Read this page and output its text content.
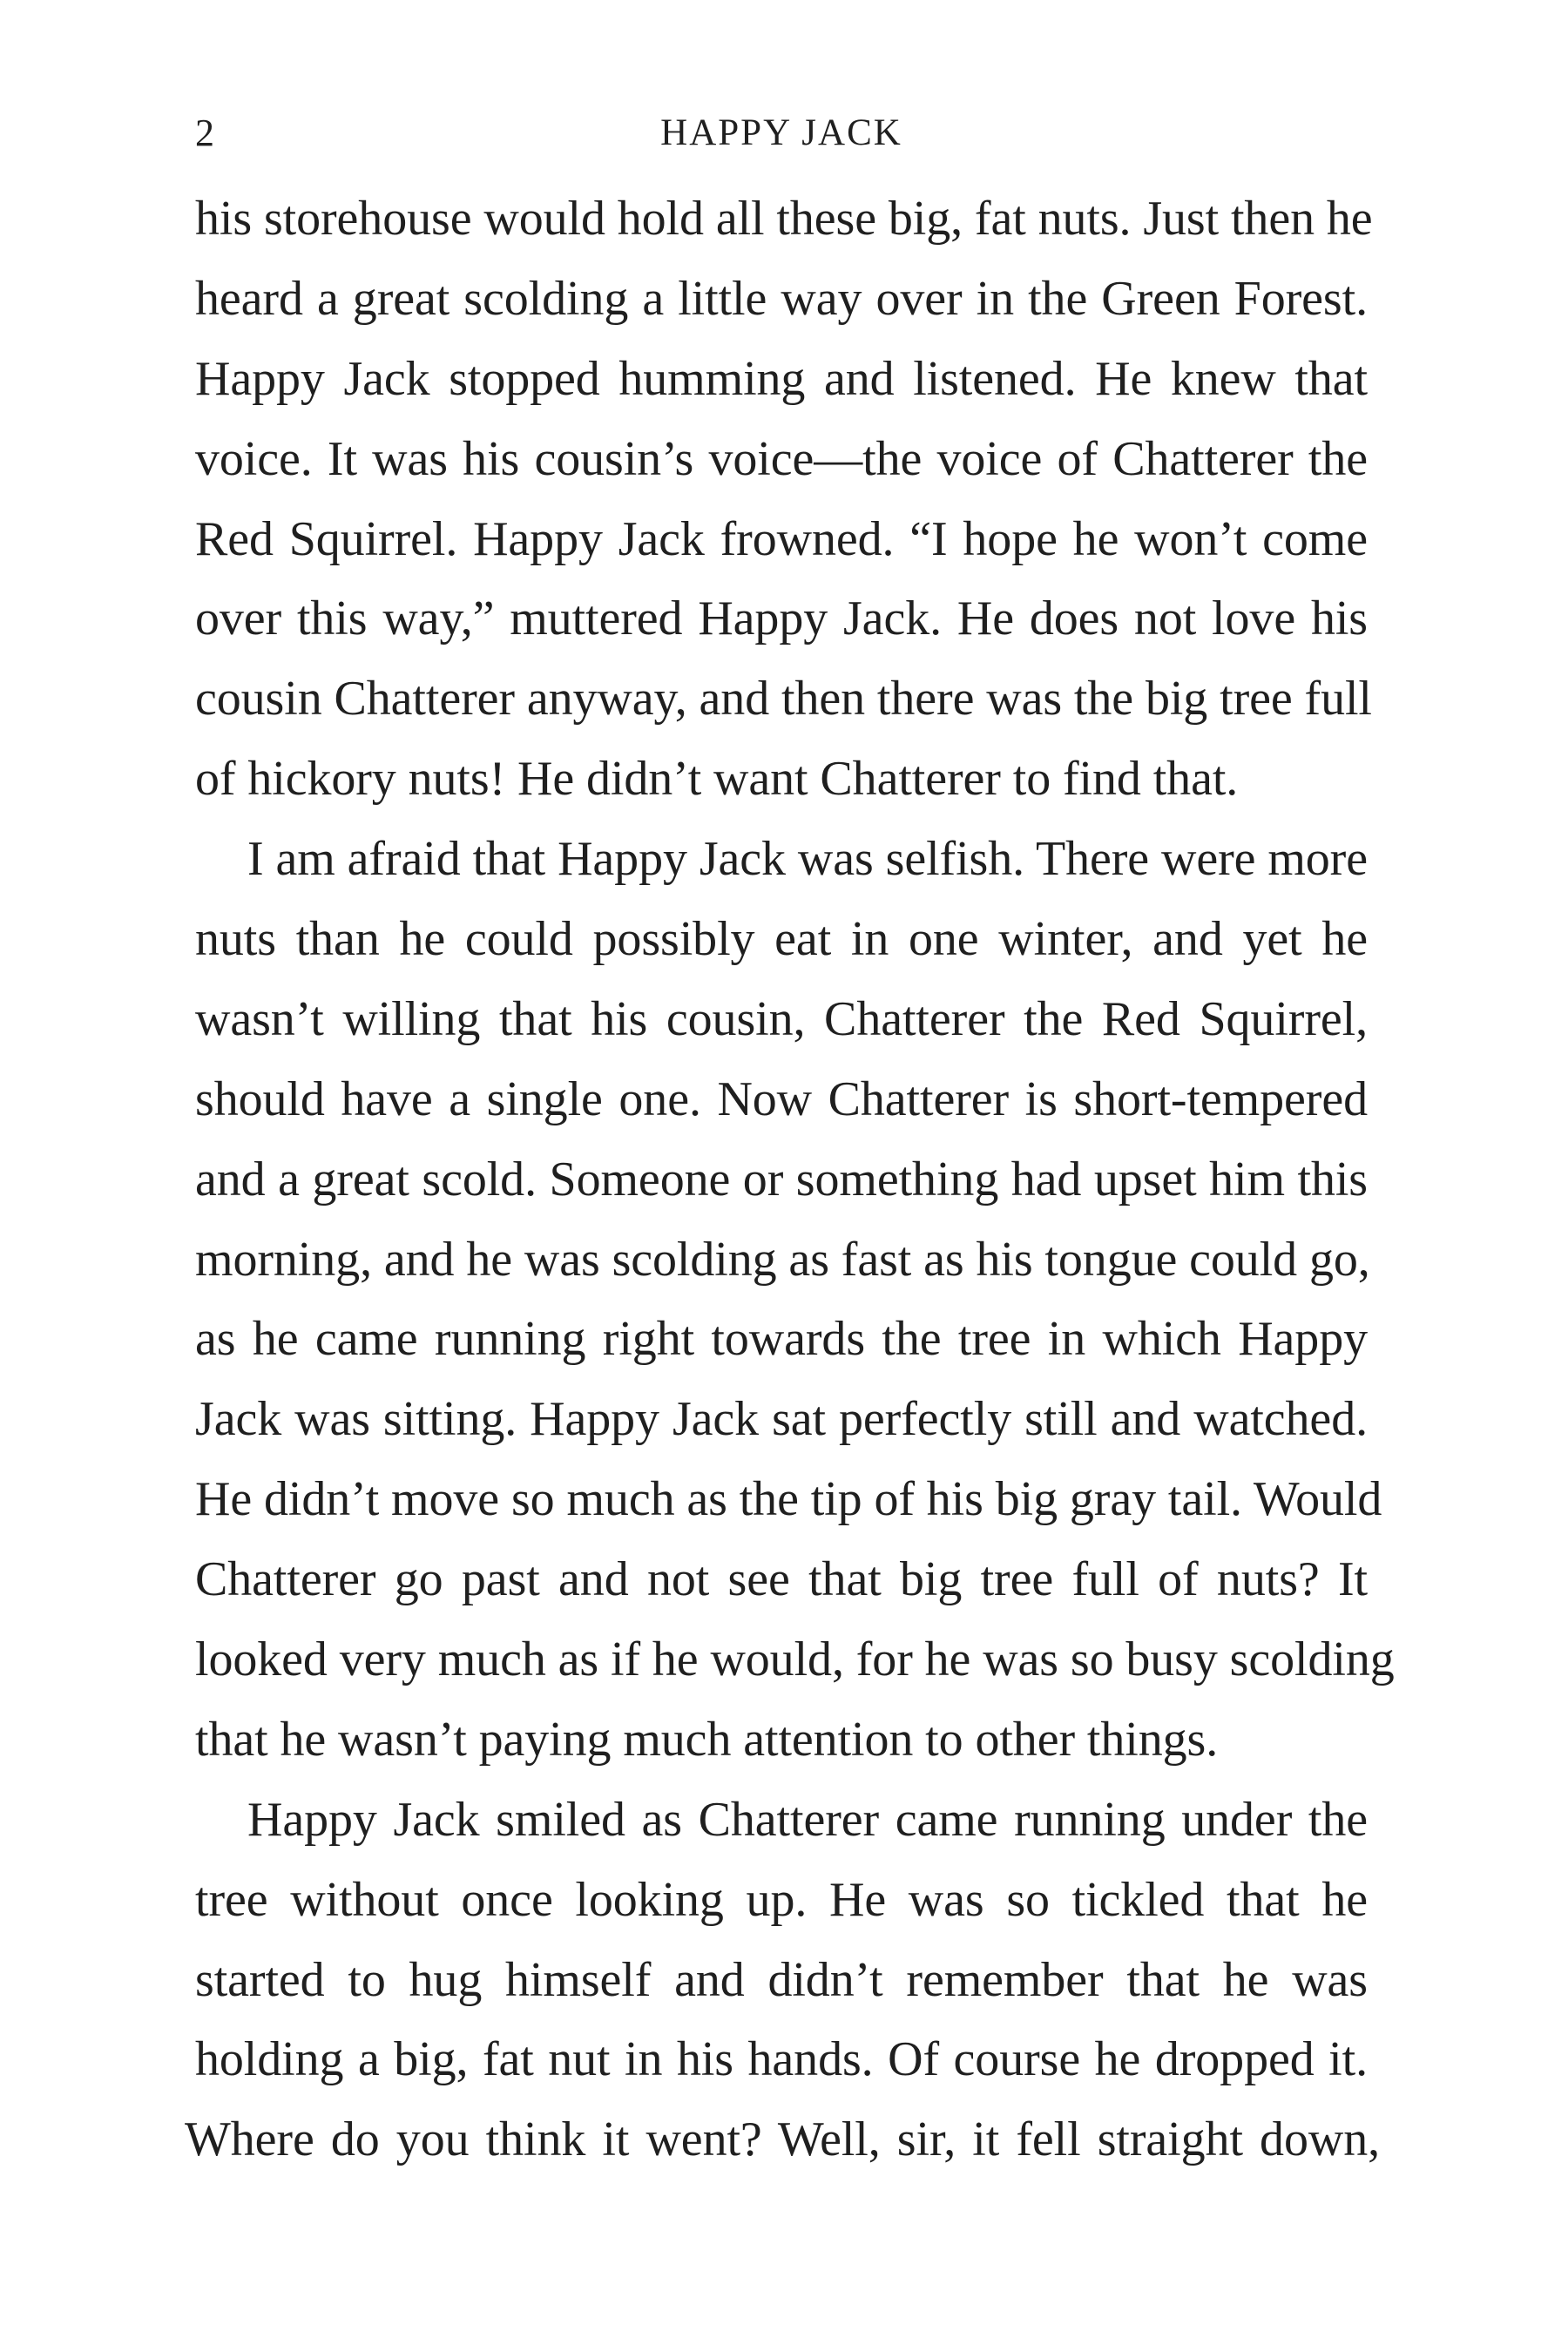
2	HAPPY JACK
his storehouse would hold all these big, fat nuts. Just then he
heard a great scolding a little way over in the Green Forest.
Happy Jack stopped humming and listened. He knew that
voice. It was his cousin’s voice—the voice of Chatterer the
Red Squirrel. Happy Jack frowned. “I hope he won’t come
over this way,” muttered Happy Jack. He does not love his
cousin Chatterer anyway, and then there was the big tree full
of hickory nuts! He didn’t want Chatterer to find that.
I am afraid that Happy Jack was selfish. There were more
nuts than he could possibly eat in one winter, and yet he
wasn’t willing that his cousin, Chatterer the Red Squirrel,
should have a single one. Now Chatterer is short-tempered
and a great scold. Someone or something had upset him this
morning, and he was scolding as fast as his tongue could go,
as he came running right towards the tree in which Happy
Jack was sitting. Happy Jack sat perfectly still and watched.
He didn’t move so much as the tip of his big gray tail. Would
Chatterer go past and not see that big tree full of nuts? It
looked very much as if he would, for he was so busy scolding
that he wasn’t paying much attention to other things.
Happy Jack smiled as Chatterer came running under the
tree without once looking up. He was so tickled that he
started to hug himself and didn’t remember that he was
holding a big, fat nut in his hands. Of course he dropped it.
Where do you think it went? Well, sir, it fell straight down,
